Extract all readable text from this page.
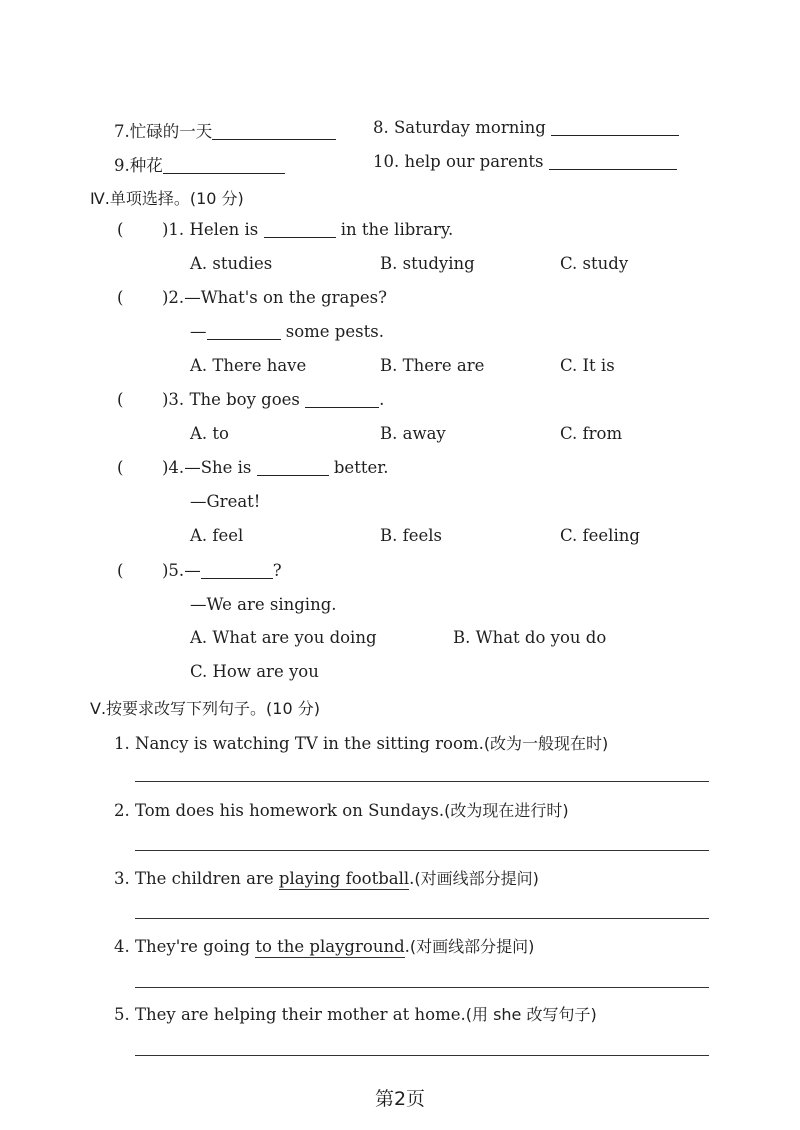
7.忙碌的一天	8. Saturday morning
9.种花	10. help our parents
Ⅳ.单项选择。(10 分)
( )1. Helen is	in the library.
A. studies	B. studying	C. study
( )2.—What's on the grapes?
—	some pests.
A. There have	B. There are	C. It is
( )3. The boy goes	.
A. to	B. away	C. from
( )4.—She is	better.
—Great!
A. feel	B. feels	C. feeling
( )5.—	?
—We are singing.
A. What are you doing	B. What do you do
C. How are you
Ⅴ.按要求改写下列句子。(10 分)
1. Nancy is watching TV in the sitting room.(改为一般现在时)
2. Tom does his homework on Sundays.(改为现在进行时)
3. The children are playing football.(对画线部分提问)
4. They're going to the playground.(对画线部分提问)
5. They are helping their mother at home.(用 she 改写句子)
第2页
